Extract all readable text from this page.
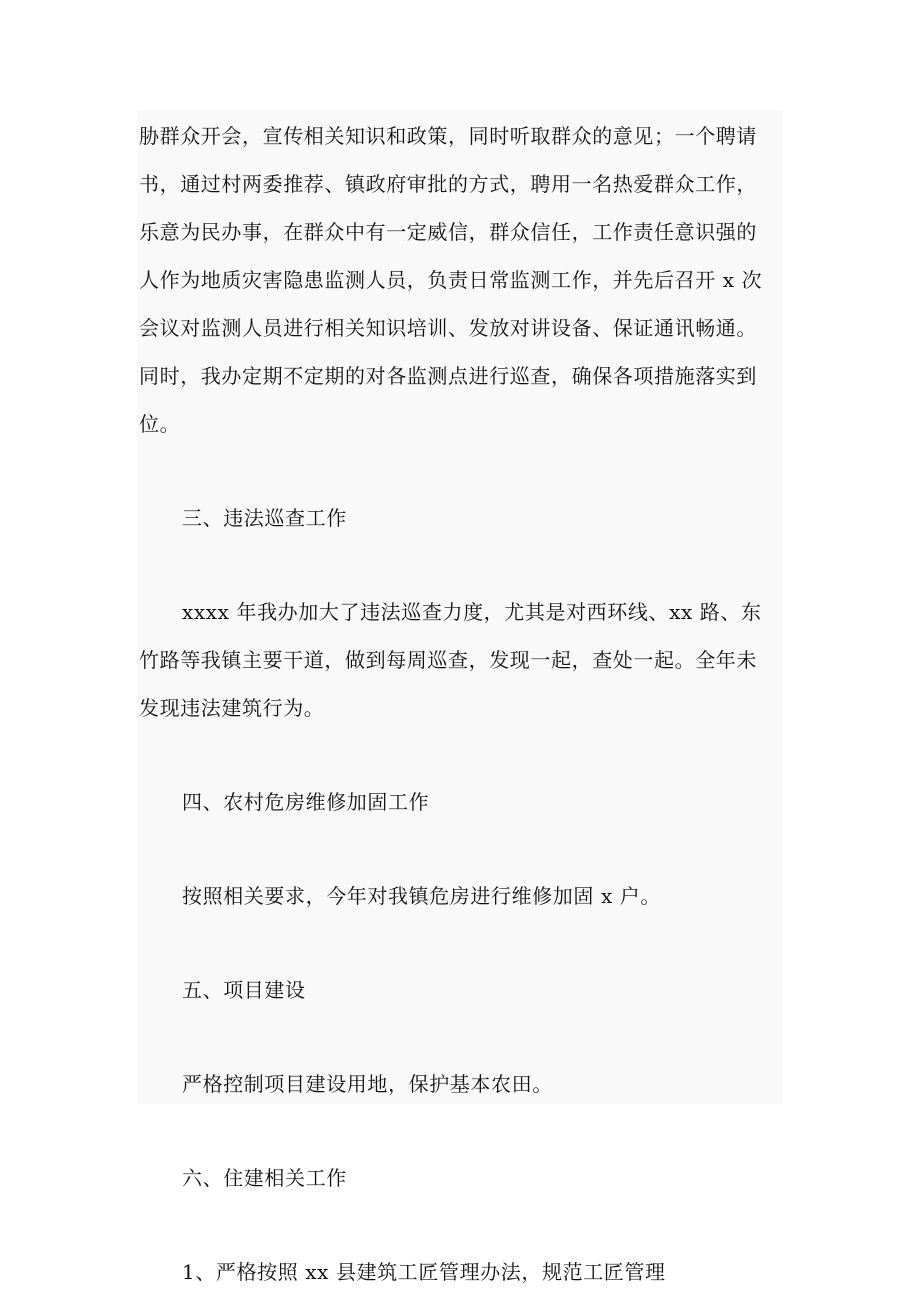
胁群众开会，宣传相关知识和政策，同时听取群众的意见；一个聘请
书，通过村两委推荐、镇政府审批的方式，聘用一名热爱群众工作，
乐意为民办事，在群众中有一定威信，群众信任，工作责任意识强的
人作为地质灾害隐患监测人员，负责日常监测工作，并先后召开 x 次
会议对监测人员进行相关知识培训、发放对讲设备、保证通讯畅通。
同时，我办定期不定期的对各监测点进行巡查，确保各项措施落实到
位。
三、违法巡查工作
xxxx 年我办加大了违法巡查力度，尤其是对西环线、xx 路、东
竹路等我镇主要干道，做到每周巡查，发现一起，查处一起。全年未
发现违法建筑行为。
四、农村危房维修加固工作
按照相关要求，今年对我镇危房进行维修加固 x 户。
五、项目建设
严格控制项目建设用地，保护基本农田。
六、住建相关工作
1、严格按照 xx 县建筑工匠管理办法，规范工匠管理
